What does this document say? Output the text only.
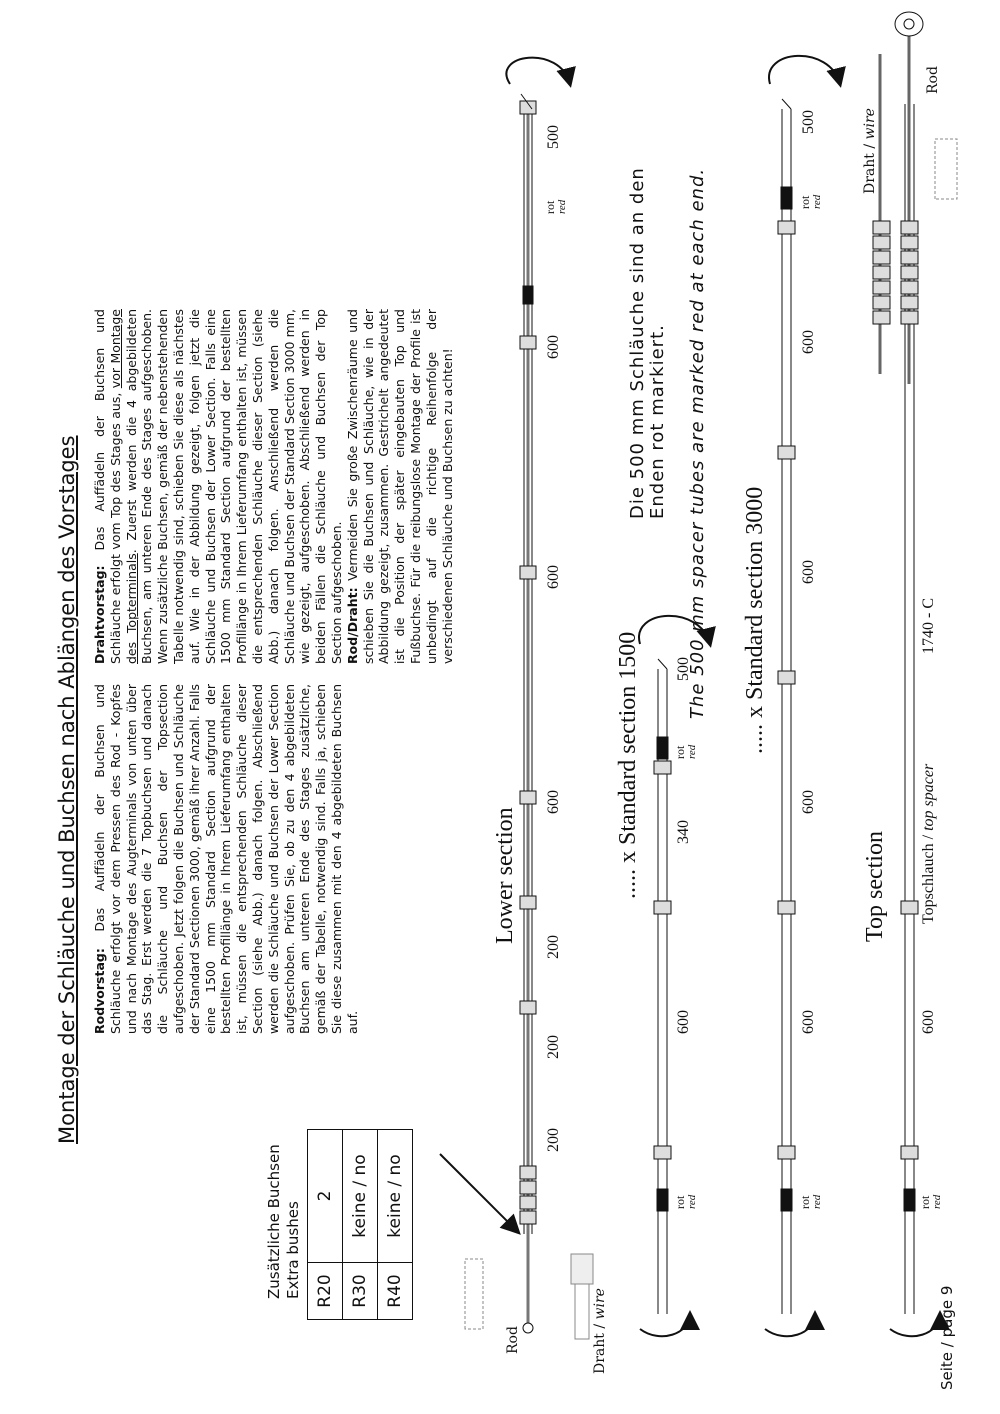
Montage der Schläuche und Buchsen nach Ablängen des Vorstages Rodvorstag: Das Auffädeln der Buchsen und Schläuche erfolgt vor dem Pressen des Rod - Kopfes und nach Montage des Augterminals von unten über das Stag. Erst werden die 7 Topbuchsen und danach die Schläuche und Buchsen der Topsection aufgeschoben. Jetzt folgen die Buchsen und Schläuche der Standard Sectionen 3000, gemäß ihrer Anzahl. Falls eine 1500 mm Standard Section aufgrund der bestellten Profillänge in Ihrem Lieferumfang enthalten ist, müssen die entsprechenden Schläuche dieser Section (siehe Abb.) danach folgen. Abschließend werden die Schläuche und Buchsen der Lower Section aufgeschoben. Prüfen Sie, ob zu den 4 abgebildeten Buchsen am unteren Ende des Stages zusätzliche, gemäß der Tabelle, notwendig sind. Falls ja, schieben Sie diese zusammen mit den 4 abgebildeten Buchsen auf.
Drahtvorstag: Das Auffädeln der Buchsen und Schläuche erfolgt vom Top des Stages aus, vor Montage des Topterminals. Zuerst werden die 4 abgebildeten Buchsen, am unteren Ende des Stages aufgeschoben. Wenn zusätzliche Buchsen, gemäß der nebenstehenden Tabelle notwendig sind, schieben Sie diese als nächstes auf. Wie in der Abbildung gezeigt, folgen jetzt die Schläuche und Buchsen der Lower Section. Falls eine 1500 mm Standard Section aufgrund der bestellten Profillänge in Ihrem Lieferumfang enthalten ist, müssen die entsprechenden Schläuche dieser Section (siehe Abb.) danach folgen. Anschließend werden die Schläuche und Buchsen der Standard Section 3000 mm, wie gezeigt, aufgeschoben. Abschließend werden in beiden Fällen die Schläuche und Buchsen der Top Section aufgeschoben.
Rod/Draht: Vermeiden Sie große Zwischenräume und schieben Sie die Buchsen und Schläuche, wie in der Abbildung gezeigt, zusammen. Gestrichelt angedeutet ist die Position der später eingebauten Top und Fußbuchse. Für die reibungslose Montage der Profile ist unbedingt auf die richtige Reihenfolge der verschiedenen Schläuche und Buchsen zu achten!
Zusätzliche Buchsen Extra bushes R20	2
R30	keine / no
R40	keine / no
Seite / page 9
Rod	Draht / wire
Rod
Draht / wire
Lower section
200
200
200
600
600
600
500
rot red
..... x Standard section 1500
600
340
500
rot red
rot red
Die 500 mm Schläuche sind an den Enden rot markiert. The 500 mm spacer tubes are marked red at each end. ..... x Standard section 3000
600
600
600
600
500
rot red
rot red
Top section
600
Topschlauch / top spacer
1740 - C
rot red
